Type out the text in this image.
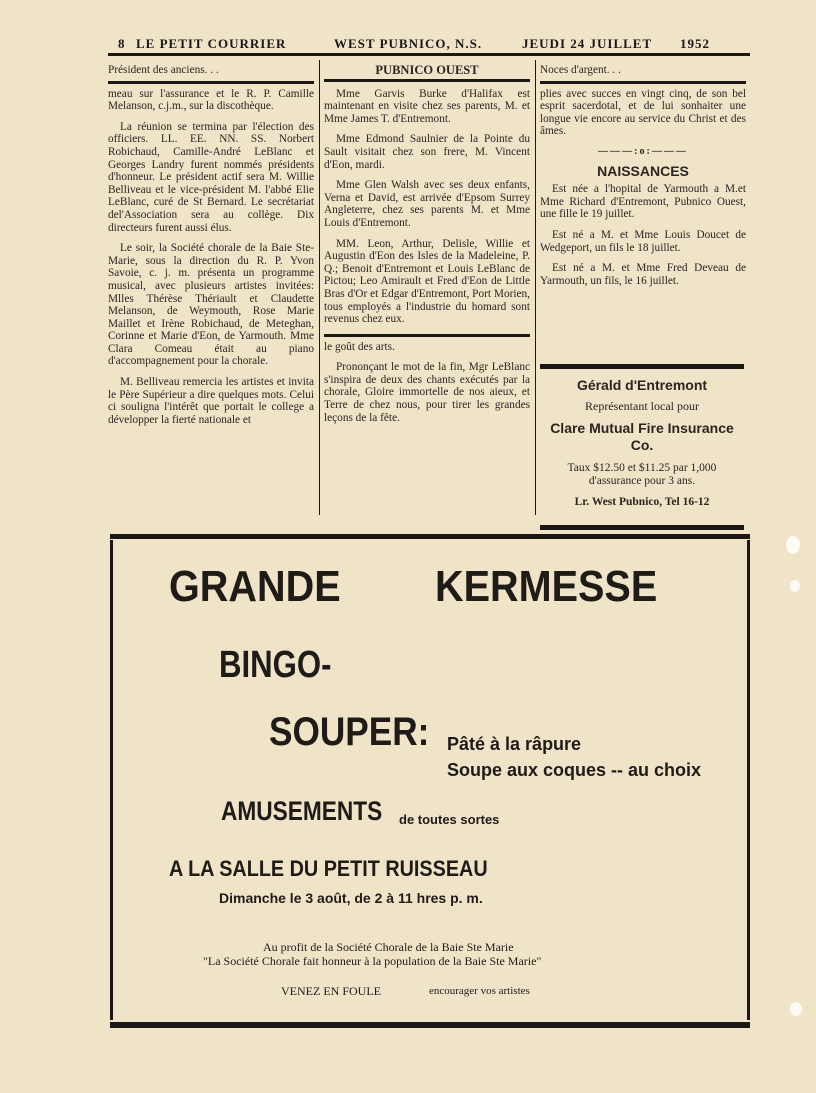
8 LE PETIT COURRIER	WEST PUBNICO, N.S.	JEUDI 24 JUILLET 1952

Président des anciens. . .

meau sur l'assurance et le R. P. Camille Melanson, c.j.m., sur la discothèque.

La réunion se termina par l'élection des officiers. LL. EE. NN. SS. Norbert Robichaud, Camille-André LeBlanc et Georges Landry furent nommés présidents d'honneur. Le président actif sera M. Willie Belliveau et le vice-président M. l'abbé Elie LeBlanc, curé de St Bernard. Le secrétariat del'Association sera au collège. Dix directeurs furent aussi élus.

Le soir, la Société chorale de la Baie Ste-Marie, sous la direction du R. P. Yvon Savoie, c. j. m. présenta un programme musical, avec plusieurs artistes invitées: Mlles Thérèse Thériault et Claudette Melanson, de Weymouth, Rose Marie Maillet et Irène Robichaud, de Meteghan, Corinne et Marie d'Eon, de Yarmouth. Mme Clara Comeau était au piano d'accompagnement pour la chorale.

M. Belliveau remercia les artistes et invita le Père Supérieur a dire quelques mots. Celui ci souligna l'intérêt que portait le college a développer la fierté nationale et

PUBNICO OUEST

Mme Garvis Burke d'Halifax est maintenant en visite chez ses parents, M. et Mme James T. d'Entremont.

Mme Edmond Saulnier de la Pointe du Sault visitait chez son frere, M. Vincent d'Eon, mardi.

Mme Glen Walsh avec ses deux enfants, Verna et David, est arrivée d'Epsom Surrey Angleterre, chez ses parents M. et Mme Louis d'Entremont.

MM. Leon, Arthur, Delisle, Willie et Augustin d'Eon des Isles de la Madeleine, P. Q.; Benoit d'Entremont et Louis LeBlanc de Pictou; Leo Amirault et Fred d'Eon de Little Bras d'Or et Edgar d'Entremont, Port Morien, tous employés a l'industrie du homard sont revenus chez eux.

le goût des arts.

Prononçant le mot de la fin, Mgr LeBlanc s'inspira de deux des chants exécutés par la chorale, Gloire immortelle de nos aieux, et Terre de chez nous, pour tirer les grandes leçons de la fête.

Noces d'argent. . .

plies avec succes en vingt cinq, de son bel esprit sacerdotal, et de lui sonhaiter une longue vie encore au service du Christ et des âmes.

———:o:———

NAISSANCES

Est née a l'hopital de Yarmouth a M.et Mme Richard d'Entremont, Pubnico Ouest, une fille le 19 juillet.

Est né a M. et Mme Louis Doucet de Wedgeport, un fils le 18 juillet.

Est né a M. et Mme Fred Deveau de Yarmouth, un fils, le 16 juillet.

Gérald d'Entremont
Représentant local pour
Clare Mutual Fire Insurance Co.
Taux $12.50 et $11.25 par 1,000 d'assurance pour 3 ans.
Lr. West Pubnico, Tel 16-12
GRANDE KERMESSE
BINGO-
SOUPER: Pâté à la râpure
Soupe aux coques -- au choix
AMUSEMENTS de toutes sortes
A LA SALLE DU PETIT RUISSEAU
Dimanche le 3 août, de 2 à 11 hres p. m.
Au profit de la Société Chorale de la Baie Ste Marie
"La Société Chorale fait honneur à la population de la Baie Ste Marie"
VENEZ EN FOULE	encourager vos artistes
